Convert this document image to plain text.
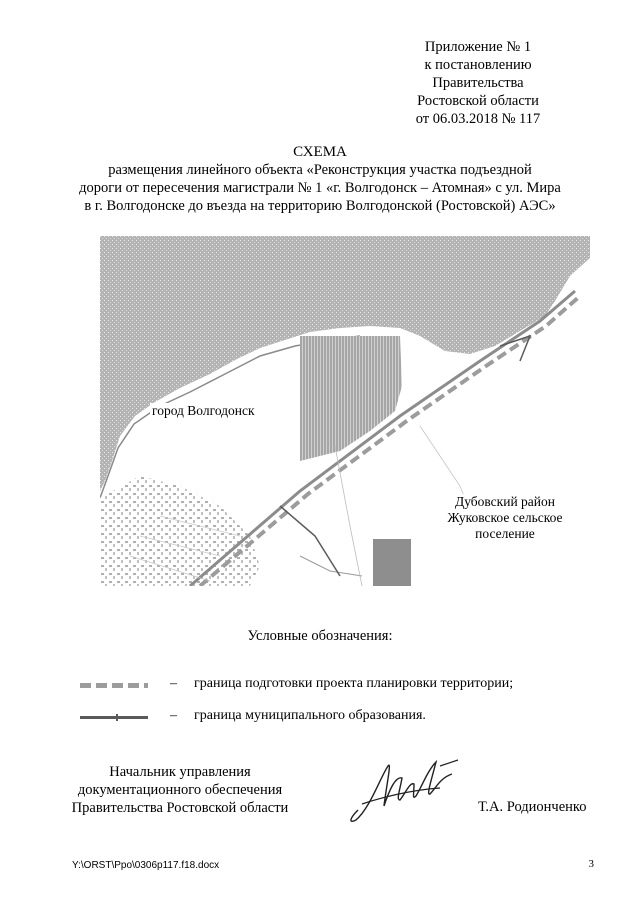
Приложение № 1
к постановлению
Правительства
Ростовской области
от 06.03.2018 № 117
СХЕМА
размещения линейного объекта «Реконструкция участка подъездной
дороги от пересечения магистрали № 1 «г. Волгодонск – Атомная» с ул. Мира
в г. Волгодонске до въезда на территорию Волгодонской (Ростовской) АЭС»
город Волгодонск
Дубовский район
Жуковское сельское
поселение
Условные обозначения:
– граница подготовки проекта планировки территории;
– граница муниципального образования.
Начальник управления
документационного обеспечения
Правительства Ростовской области	Т.А. Родионченко
Y:\ORST\Ppo\0306p117.f18.docx	3
